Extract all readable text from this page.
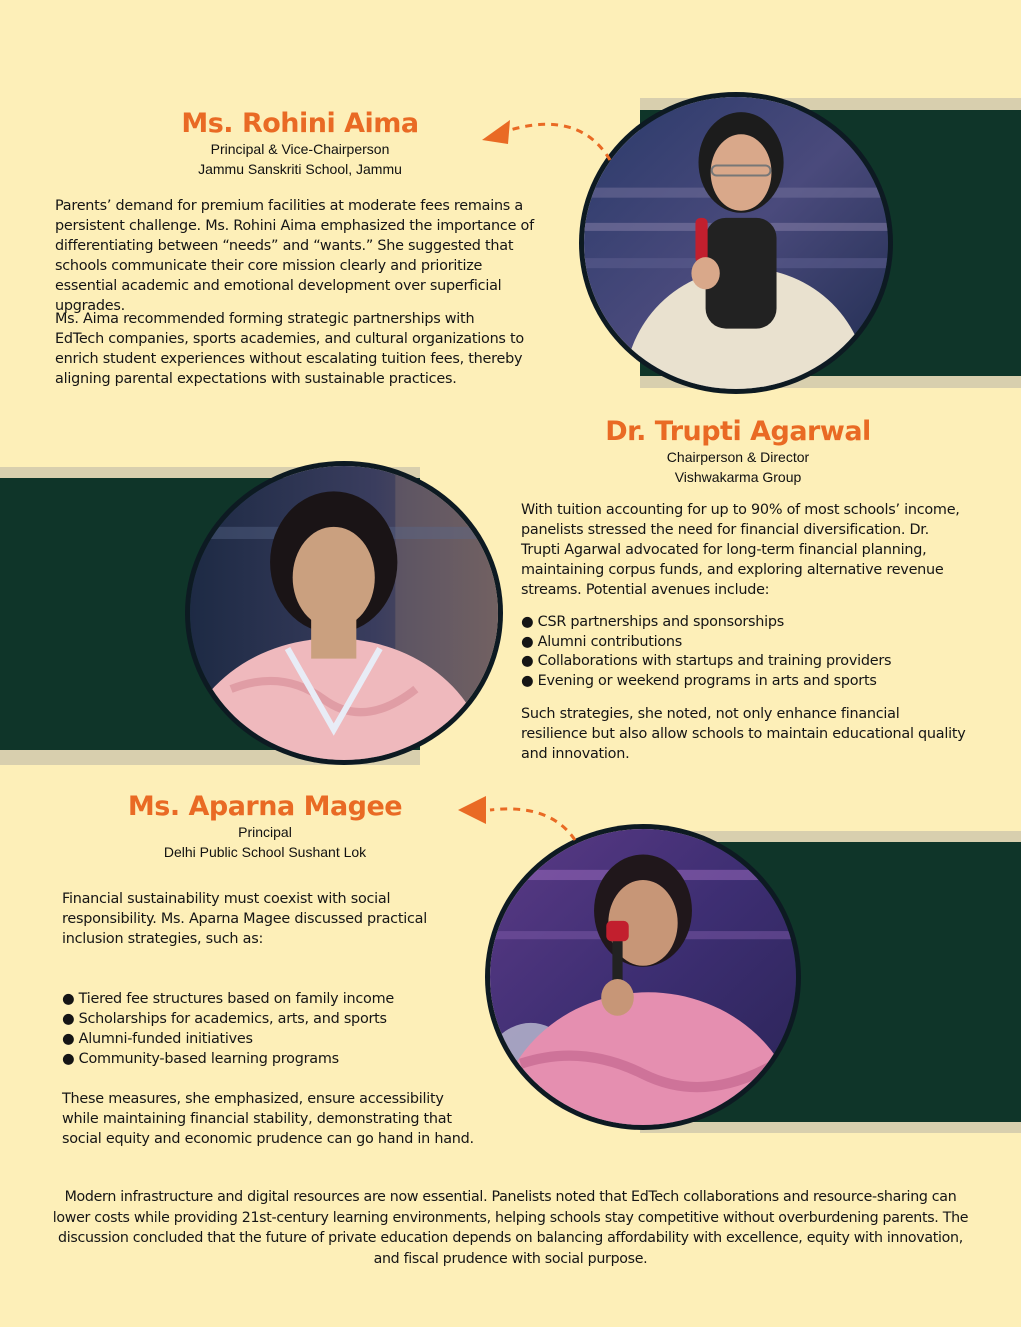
Ms. Rohini Aima
Principal & Vice-Chairperson
Jammu Sanskriti School, Jammu

Parents’ demand for premium facilities at moderate fees remains a persistent challenge. Ms. Rohini Aima emphasized the importance of differentiating between “needs” and “wants.” She suggested that schools communicate their core mission clearly and prioritize essential academic and emotional development over superficial upgrades.

Ms. Aima recommended forming strategic partnerships with EdTech companies, sports academies, and cultural organizations to enrich student experiences without escalating tuition fees, thereby aligning parental expectations with sustainable practices.

Dr. Trupti Agarwal
Chairperson & Director
Vishwakarma Group

With tuition accounting for up to 90% of most schools’ income, panelists stressed the need for financial diversification. Dr. Trupti Agarwal advocated for long-term financial planning, maintaining corpus funds, and exploring alternative revenue streams. Potential avenues include:

● CSR partnerships and sponsorships
● Alumni contributions
● Collaborations with startups and training providers
● Evening or weekend programs in arts and sports

Such strategies, she noted, not only enhance financial resilience but also allow schools to maintain educational quality and innovation.

Ms. Aparna Magee
Principal
Delhi Public School Sushant Lok

Financial sustainability must coexist with social responsibility. Ms. Aparna Magee discussed practical inclusion strategies, such as:

● Tiered fee structures based on family income
● Scholarships for academics, arts, and sports
● Alumni-funded initiatives
● Community-based learning programs

These measures, she emphasized, ensure accessibility while maintaining financial stability, demonstrating that social equity and economic prudence can go hand in hand.

Modern infrastructure and digital resources are now essential. Panelists noted that EdTech collaborations and resource-sharing can lower costs while providing 21st-century learning environments, helping schools stay competitive without overburdening parents. The discussion concluded that the future of private education depends on balancing affordability with excellence, equity with innovation, and fiscal prudence with social purpose.
